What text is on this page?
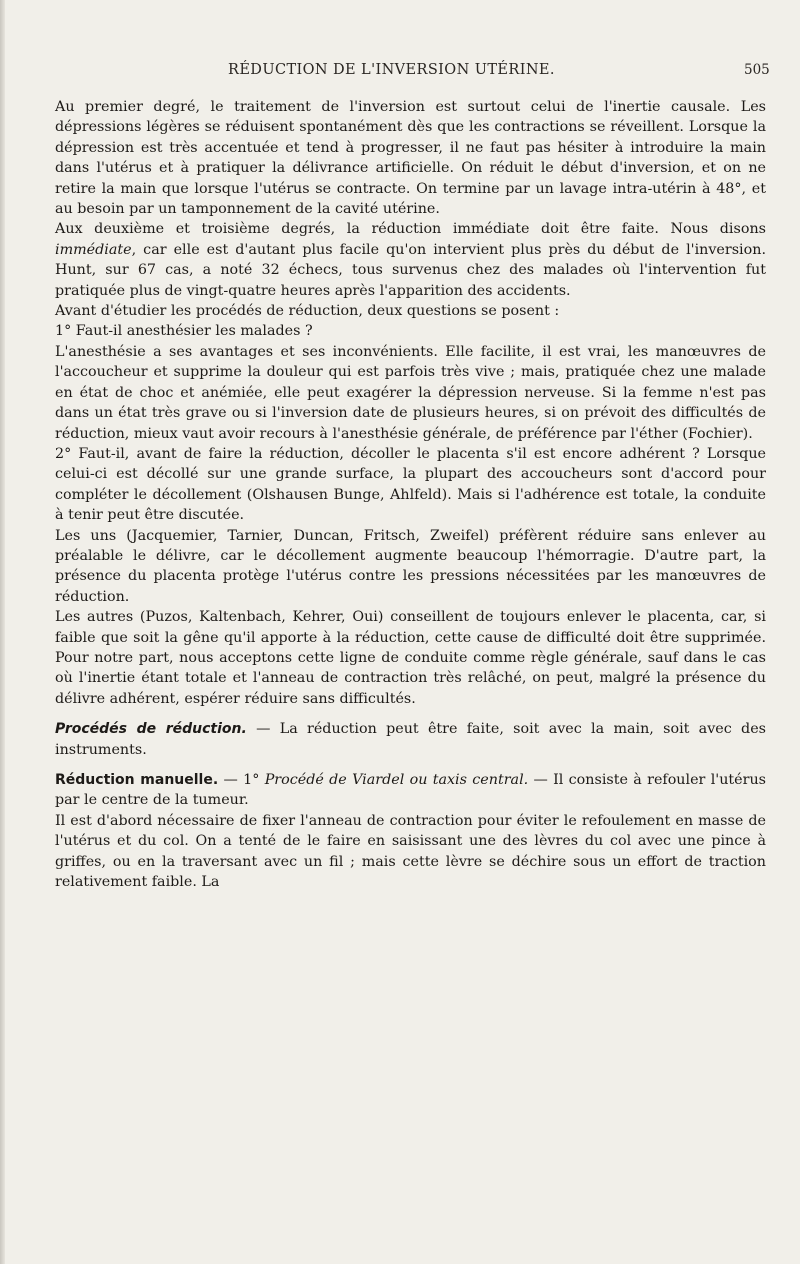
RÉDUCTION DE L'INVERSION UTÉRINE.	505

Au premier degré, le traitement de l'inversion est surtout celui de l'inertie causale. Les dépressions légères se réduisent spontanément dès que les contractions se réveillent. Lorsque la dépression est très accentuée et tend à progresser, il ne faut pas hésiter à introduire la main dans l'utérus et à pratiquer la délivrance artificielle. On réduit le début d'inversion, et on ne retire la main que lorsque l'utérus se contracte. On termine par un lavage intra-utérin à 48°, et au besoin par un tamponnement de la cavité utérine.

Aux deuxième et troisième degrés, la réduction immédiate doit être faite. Nous disons immédiate, car elle est d'autant plus facile qu'on intervient plus près du début de l'inversion. Hunt, sur 67 cas, a noté 32 échecs, tous survenus chez des malades où l'intervention fut pratiquée plus de vingt-quatre heures après l'apparition des accidents.

Avant d'étudier les procédés de réduction, deux questions se posent :

1° Faut-il anesthésier les malades ?

L'anesthésie a ses avantages et ses inconvénients. Elle facilite, il est vrai, les manœuvres de l'accoucheur et supprime la douleur qui est parfois très vive ; mais, pratiquée chez une malade en état de choc et anémiée, elle peut exagérer la dépression nerveuse. Si la femme n'est pas dans un état très grave ou si l'inversion date de plusieurs heures, si on prévoit des difficultés de réduction, mieux vaut avoir recours à l'anesthésie générale, de préférence par l'éther (Fochier).

2° Faut-il, avant de faire la réduction, décoller le placenta s'il est encore adhérent ? Lorsque celui-ci est décollé sur une grande surface, la plupart des accoucheurs sont d'accord pour compléter le décollement (Olshausen Bunge, Ahlfeld). Mais si l'adhérence est totale, la conduite à tenir peut être discutée.

Les uns (Jacquemier, Tarnier, Duncan, Fritsch, Zweifel) préfèrent réduire sans enlever au préalable le délivre, car le décollement augmente beaucoup l'hémorragie. D'autre part, la présence du placenta protège l'utérus contre les pressions nécessitées par les manœuvres de réduction.

Les autres (Puzos, Kaltenbach, Kehrer, Oui) conseillent de toujours enlever le placenta, car, si faible que soit la gêne qu'il apporte à la réduction, cette cause de difficulté doit être supprimée. Pour notre part, nous acceptons cette ligne de conduite comme règle générale, sauf dans le cas où l'inertie étant totale et l'anneau de contraction très relâché, on peut, malgré la présence du délivre adhérent, espérer réduire sans difficultés.

Procédés de réduction. — La réduction peut être faite, soit avec la main, soit avec des instruments.

Réduction manuelle. — 1° Procédé de Viardel ou taxis central. — Il consiste à refouler l'utérus par le centre de la tumeur.

Il est d'abord nécessaire de fixer l'anneau de contraction pour éviter le refoulement en masse de l'utérus et du col. On a tenté de le faire en saisissant une des lèvres du col avec une pince à griffes, ou en la traversant avec un fil ; mais cette lèvre se déchire sous un effort de traction relativement faible. La
